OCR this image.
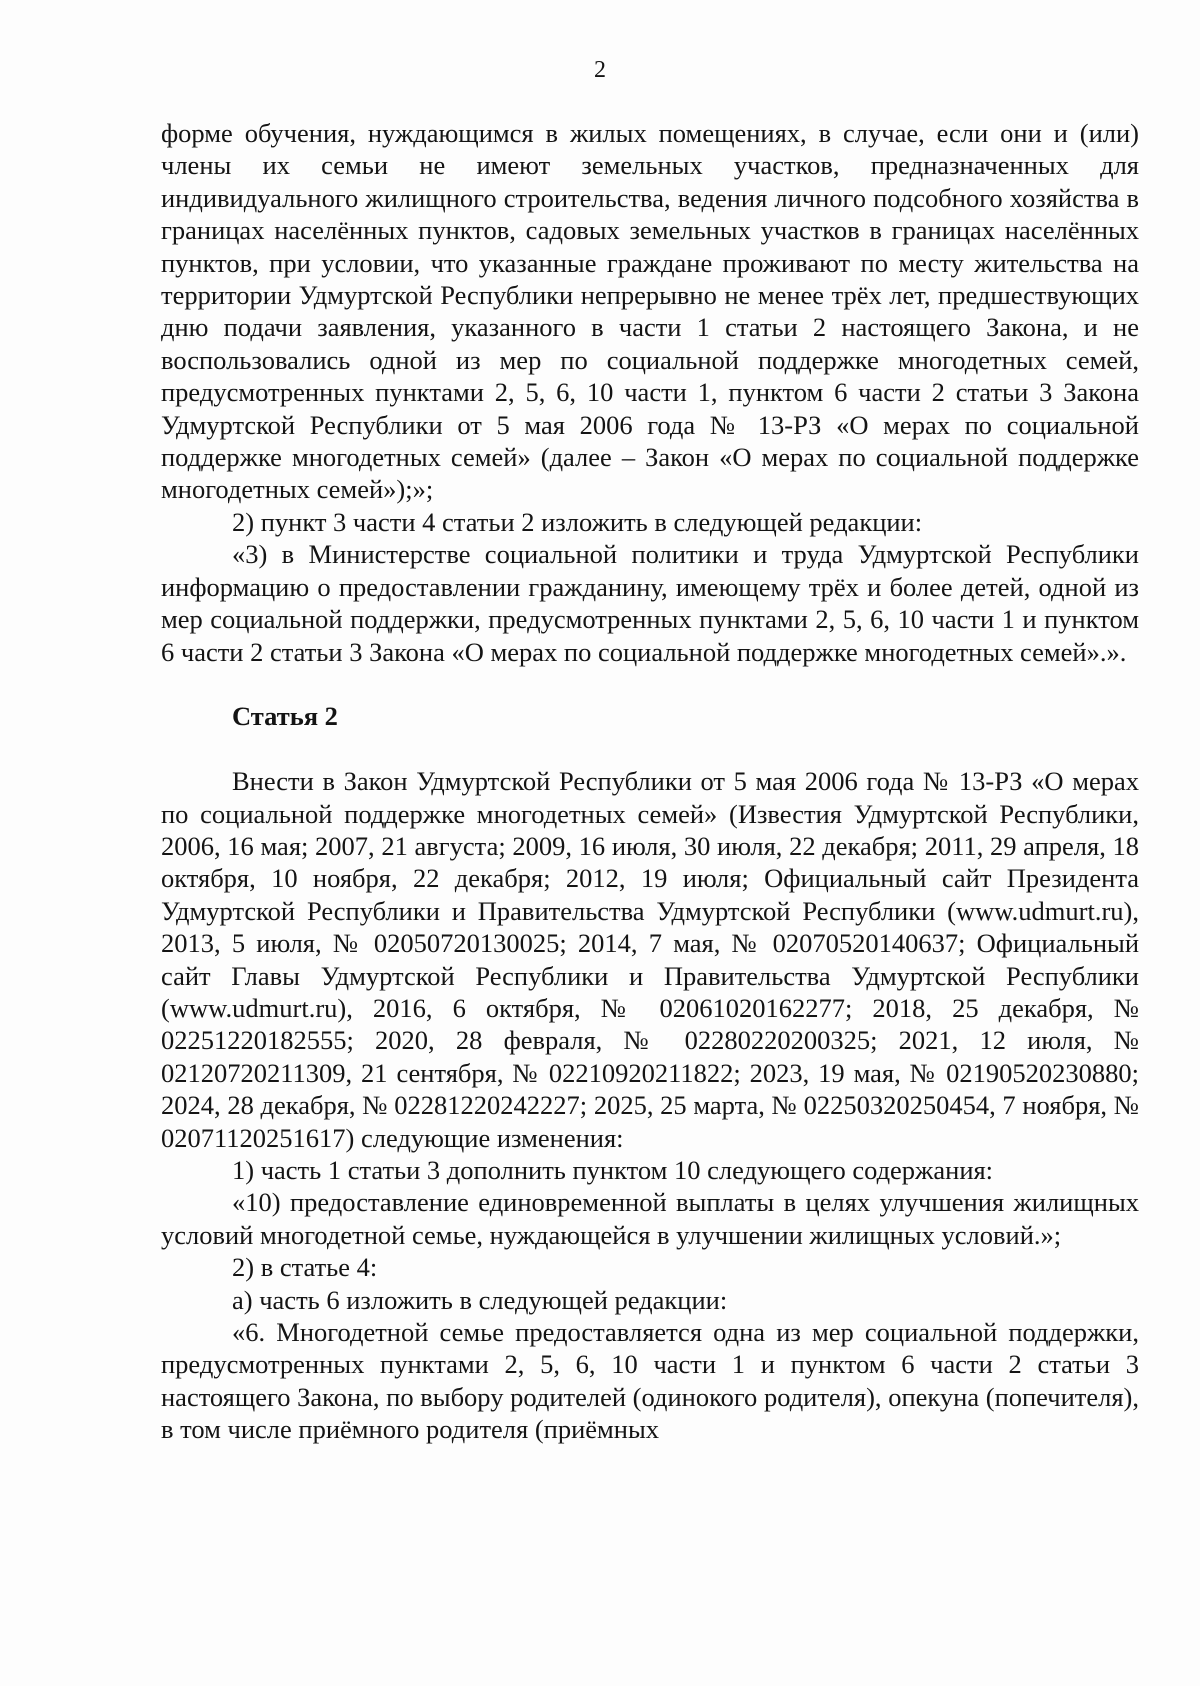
2

форме обучения, нуждающимся в жилых помещениях, в случае, если они и (или) члены их семьи не имеют земельных участков, предназначенных для индивидуального жилищного строительства, ведения личного подсобного хозяйства в границах населённых пунктов, садовых земельных участков в границах населённых пунктов, при условии, что указанные граждане проживают по месту жительства на территории Удмуртской Республики непрерывно не менее трёх лет, предшествующих дню подачи заявления, указанного в части 1 статьи 2 настоящего Закона, и не воспользовались одной из мер по социальной поддержке многодетных семей, предусмотренных пунктами 2, 5, 6, 10 части 1, пунктом 6 части 2 статьи 3 Закона Удмуртской Республики от 5 мая 2006 года № 13-РЗ «О мерах по социальной поддержке многодетных семей» (далее – Закон «О мерах по социальной поддержке многодетных семей»);»;

2) пункт 3 части 4 статьи 2 изложить в следующей редакции:

«3) в Министерстве социальной политики и труда Удмуртской Республики информацию о предоставлении гражданину, имеющему трёх и более детей, одной из мер социальной поддержки, предусмотренных пунктами 2, 5, 6, 10 части 1 и пунктом 6 части 2 статьи 3 Закона «О мерах по социальной поддержке многодетных семей».».

Статья 2

Внести в Закон Удмуртской Республики от 5 мая 2006 года № 13-РЗ «О мерах по социальной поддержке многодетных семей» (Известия Удмуртской Республики, 2006, 16 мая; 2007, 21 августа; 2009, 16 июля, 30 июля, 22 декабря; 2011, 29 апреля, 18 октября, 10 ноября, 22 декабря; 2012, 19 июля; Официальный сайт Президента Удмуртской Республики и Правительства Удмуртской Республики (www.udmurt.ru), 2013, 5 июля, № 02050720130025; 2014, 7 мая, № 02070520140637; Официальный сайт Главы Удмуртской Республики и Правительства Удмуртской Республики (www.udmurt.ru), 2016, 6 октября, № 02061020162277; 2018, 25 декабря, № 02251220182555; 2020, 28 февраля, № 02280220200325; 2021, 12 июля, № 02120720211309, 21 сентября, № 02210920211822; 2023, 19 мая, № 02190520230880; 2024, 28 декабря, № 02281220242227; 2025, 25 марта, № 02250320250454, 7 ноября, № 02071120251617) следующие изменения:

1) часть 1 статьи 3 дополнить пунктом 10 следующего содержания:

«10) предоставление единовременной выплаты в целях улучшения жилищных условий многодетной семье, нуждающейся в улучшении жилищных условий.»;

2) в статье 4:

а) часть 6 изложить в следующей редакции:

«6. Многодетной семье предоставляется одна из мер социальной поддержки, предусмотренных пунктами 2, 5, 6, 10 части 1 и пунктом 6 части 2 статьи 3 настоящего Закона, по выбору родителей (одинокого родителя), опекуна (попечителя), в том числе приёмного родителя (приёмных
